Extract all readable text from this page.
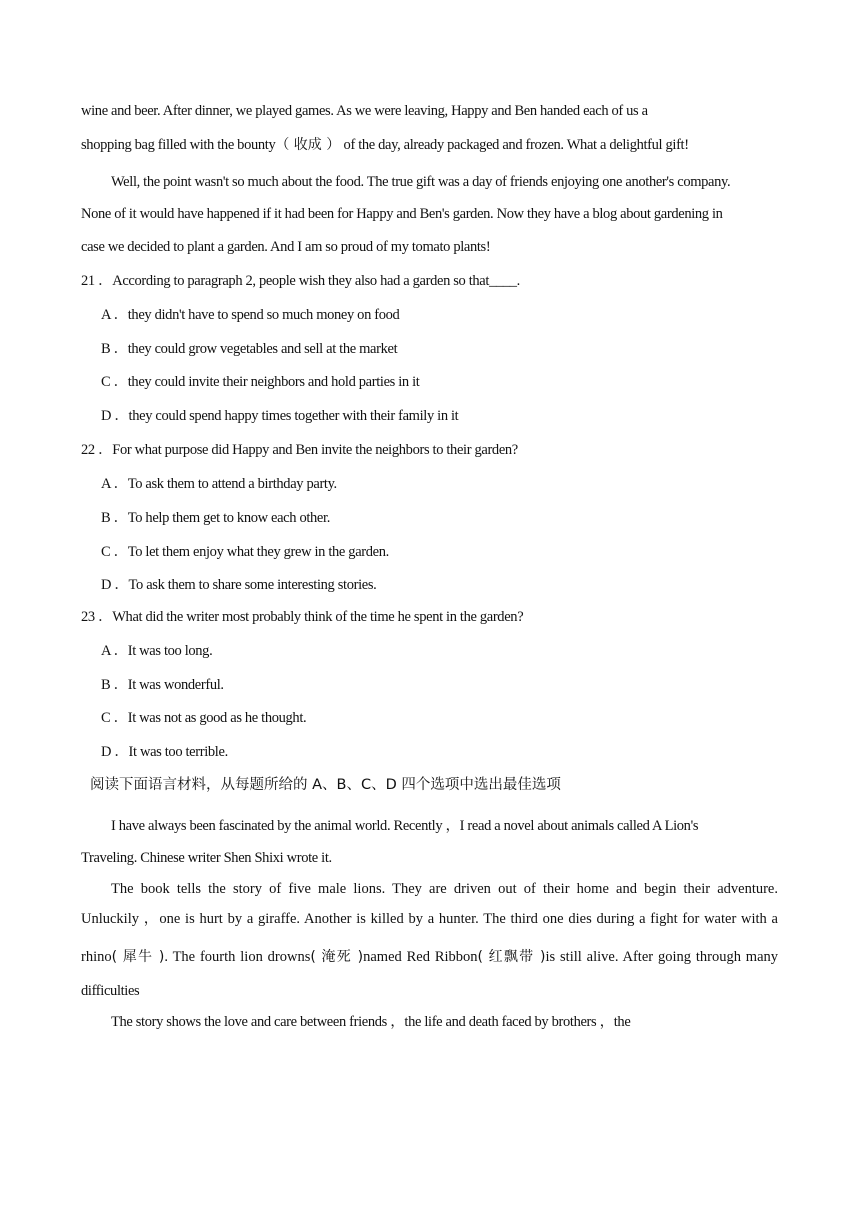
wine and beer. After dinner, we played games. As we were leaving, Happy and Ben handed each of us a
shopping bag filled with the bounty（ 收成 ） of the day, already packaged and frozen. What a delightful gift!
Well, the point wasn't so much about the food. The true gift was a day of friends enjoying one another's company.
None of it would have happened if it had been for Happy and Ben's garden. Now they have a blog about gardening in
case we decided to plant a garden. And I am so proud of my tomato plants!
21 ．According to paragraph 2, people wish they also had a garden so that____.
A ．they didn't have to spend so much money on food
B ．they could grow vegetables and sell at the market
C ．they could invite their neighbors and hold parties in it
D ．they could spend happy times together with their family in it
22 ．For what purpose did Happy and Ben invite the neighbors to their garden?
A ．To ask them to attend a birthday party.
B ．To help them get to know each other.
C ．To let them enjoy what they grew in the garden.
D ．To ask them to share some interesting stories.
23 ．What did the writer most probably think of the time he spent in the garden?
A ．It was too long.
B ．It was wonderful.
C ．It was not as good as he thought.
D ．It was too terrible.
阅读下面语言材料，从每题所给的 A、B、C、D 四个选项中选出最佳选项
I have always been fascinated by the animal world. Recently ，I read a novel about animals called A Lion's
Traveling. Chinese writer Shen Shixi wrote it.
The book tells the story of five male lions. They are driven out of their home and begin their adventure.
Unluckily ，one is hurt by a giraffe. Another is killed by a hunter. The third one dies during a fight for water with a
rhino( 犀牛 ). The fourth lion drowns( 淹死 )named Red Ribbon( 红飘带 )is still alive. After going through many
difficulties
The story shows the love and care between friends ，the life and death faced by brothers ，the
